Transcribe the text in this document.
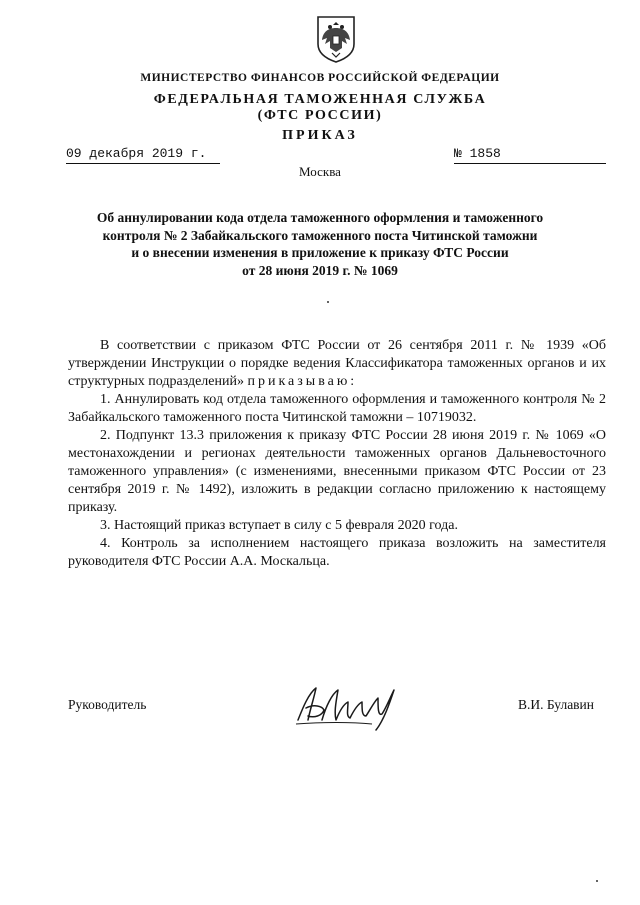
МИНИСТЕРСТВО ФИНАНСОВ РОССИЙСКОЙ ФЕДЕРАЦИИ
ФЕДЕРАЛЬНАЯ ТАМОЖЕННАЯ СЛУЖБА
(ФТС РОССИИ)
ПРИКАЗ
09 декабря 2019 г.	№ 1858
Москва
Об аннулировании кода отдела таможенного оформления и таможенного
контроля № 2 Забайкальского таможенного поста Читинской таможни
и о внесении изменения в приложение к приказу ФТС России
от 28 июня 2019 г. № 1069

В соответствии с приказом ФТС России от 26 сентября 2011 г. № 1939 «Об утверждении Инструкции о порядке ведения Классификатора таможенных органов и их структурных подразделений» приказываю:

1. Аннулировать код отдела таможенного оформления и таможенного контроля № 2 Забайкальского таможенного поста Читинской таможни – 10719032.

2. Подпункт 13.3 приложения к приказу ФТС России 28 июня 2019 г. № 1069 «О местонахождении и регионах деятельности таможенных органов Дальневосточного таможенного управления» (с изменениями, внесенными приказом ФТС России от 23 сентября 2019 г. № 1492), изложить в редакции согласно приложению к настоящему приказу.

3. Настоящий приказ вступает в силу с 5 февраля 2020 года.

4. Контроль за исполнением настоящего приказа возложить на заместителя руководителя ФТС России А.А. Москальца.

Руководитель	В.И. Булавин
